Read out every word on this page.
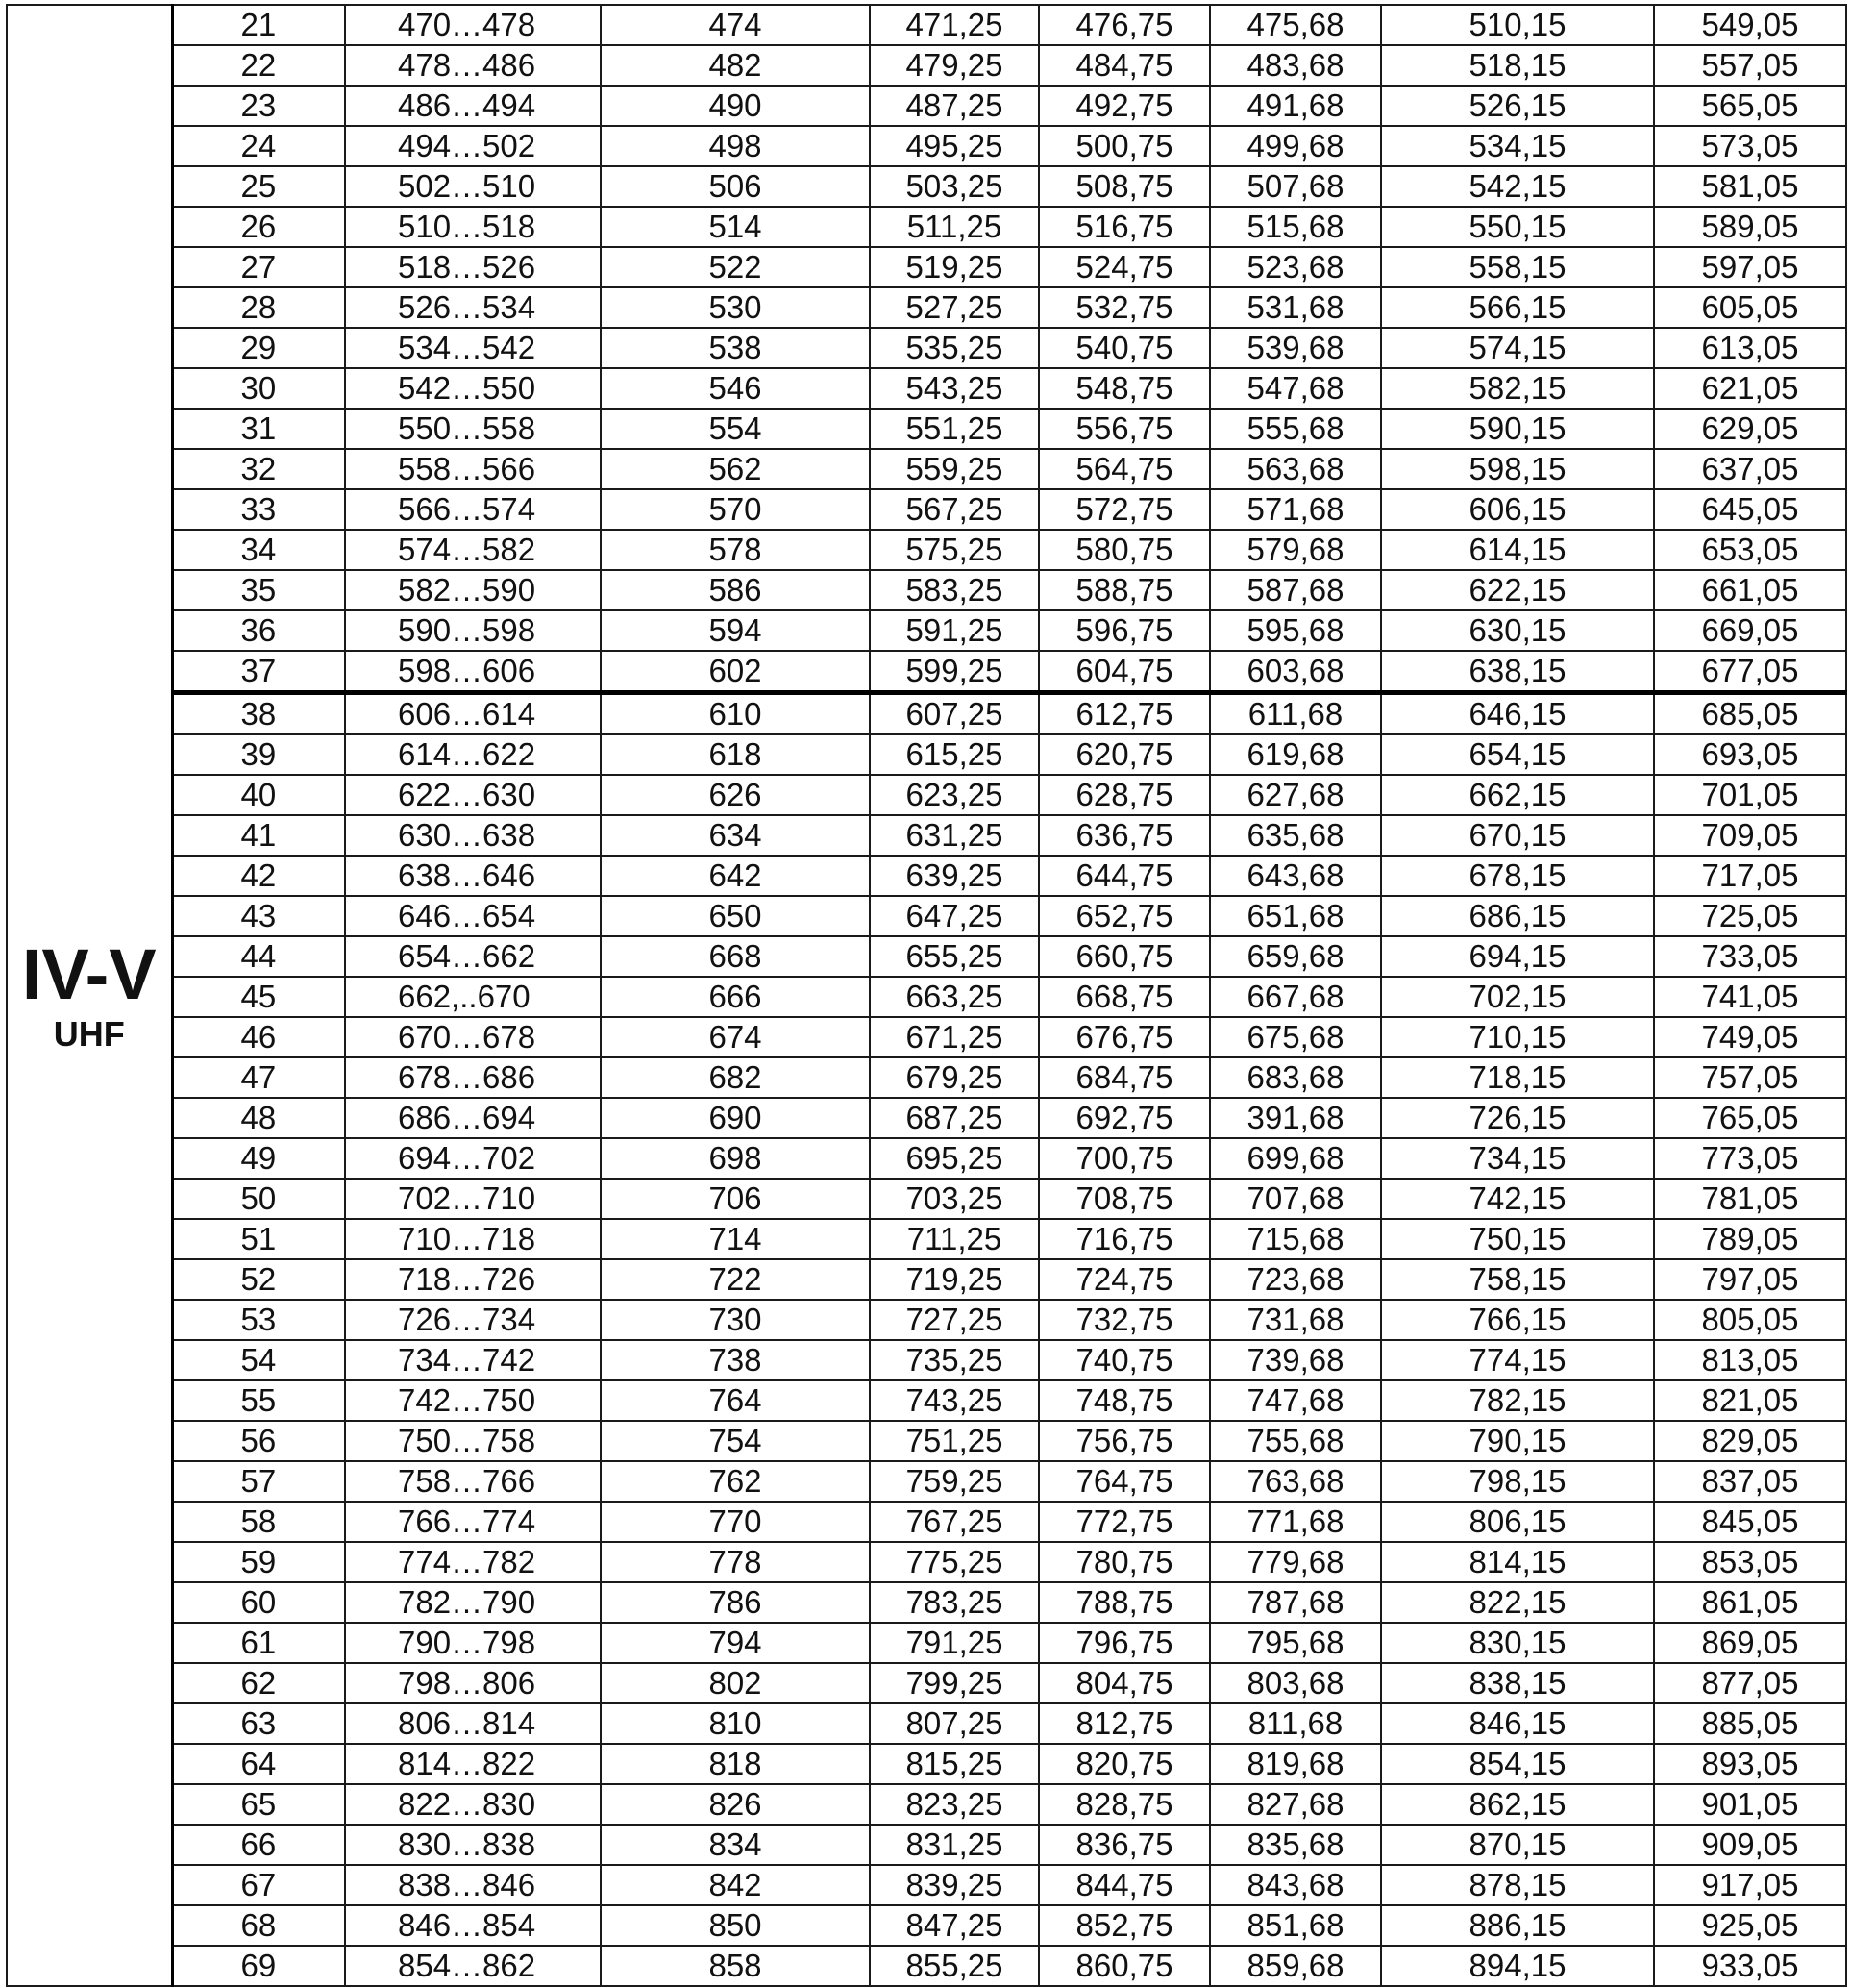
IV-V
UHF	21	470…478	474	471,25	476,75	475,68	510,15	549,05
	22	478…486	482	479,25	484,75	483,68	518,15	557,05
	23	486…494	490	487,25	492,75	491,68	526,15	565,05
	24	494…502	498	495,25	500,75	499,68	534,15	573,05
	25	502…510	506	503,25	508,75	507,68	542,15	581,05
	26	510…518	514	511,25	516,75	515,68	550,15	589,05
	27	518…526	522	519,25	524,75	523,68	558,15	597,05
	28	526…534	530	527,25	532,75	531,68	566,15	605,05
	29	534…542	538	535,25	540,75	539,68	574,15	613,05
	30	542…550	546	543,25	548,75	547,68	582,15	621,05
	31	550…558	554	551,25	556,75	555,68	590,15	629,05
	32	558…566	562	559,25	564,75	563,68	598,15	637,05
	33	566…574	570	567,25	572,75	571,68	606,15	645,05
	34	574…582	578	575,25	580,75	579,68	614,15	653,05
	35	582…590	586	583,25	588,75	587,68	622,15	661,05
	36	590…598	594	591,25	596,75	595,68	630,15	669,05
	37	598…606	602	599,25	604,75	603,68	638,15	677,05
	38	606…614	610	607,25	612,75	611,68	646,15	685,05
	39	614…622	618	615,25	620,75	619,68	654,15	693,05
	40	622…630	626	623,25	628,75	627,68	662,15	701,05
	41	630…638	634	631,25	636,75	635,68	670,15	709,05
	42	638…646	642	639,25	644,75	643,68	678,15	717,05
	43	646…654	650	647,25	652,75	651,68	686,15	725,05
	44	654…662	668	655,25	660,75	659,68	694,15	733,05
	45	662,..670	666	663,25	668,75	667,68	702,15	741,05
	46	670…678	674	671,25	676,75	675,68	710,15	749,05
	47	678…686	682	679,25	684,75	683,68	718,15	757,05
	48	686…694	690	687,25	692,75	391,68	726,15	765,05
	49	694…702	698	695,25	700,75	699,68	734,15	773,05
	50	702…710	706	703,25	708,75	707,68	742,15	781,05
	51	710…718	714	711,25	716,75	715,68	750,15	789,05
	52	718…726	722	719,25	724,75	723,68	758,15	797,05
	53	726…734	730	727,25	732,75	731,68	766,15	805,05
	54	734…742	738	735,25	740,75	739,68	774,15	813,05
	55	742…750	764	743,25	748,75	747,68	782,15	821,05
	56	750…758	754	751,25	756,75	755,68	790,15	829,05
	57	758…766	762	759,25	764,75	763,68	798,15	837,05
	58	766…774	770	767,25	772,75	771,68	806,15	845,05
	59	774…782	778	775,25	780,75	779,68	814,15	853,05
	60	782…790	786	783,25	788,75	787,68	822,15	861,05
	61	790…798	794	791,25	796,75	795,68	830,15	869,05
	62	798…806	802	799,25	804,75	803,68	838,15	877,05
	63	806…814	810	807,25	812,75	811,68	846,15	885,05
	64	814…822	818	815,25	820,75	819,68	854,15	893,05
	65	822…830	826	823,25	828,75	827,68	862,15	901,05
	66	830…838	834	831,25	836,75	835,68	870,15	909,05
	67	838…846	842	839,25	844,75	843,68	878,15	917,05
	68	846…854	850	847,25	852,75	851,68	886,15	925,05
	69	854…862	858	855,25	860,75	859,68	894,15	933,05
